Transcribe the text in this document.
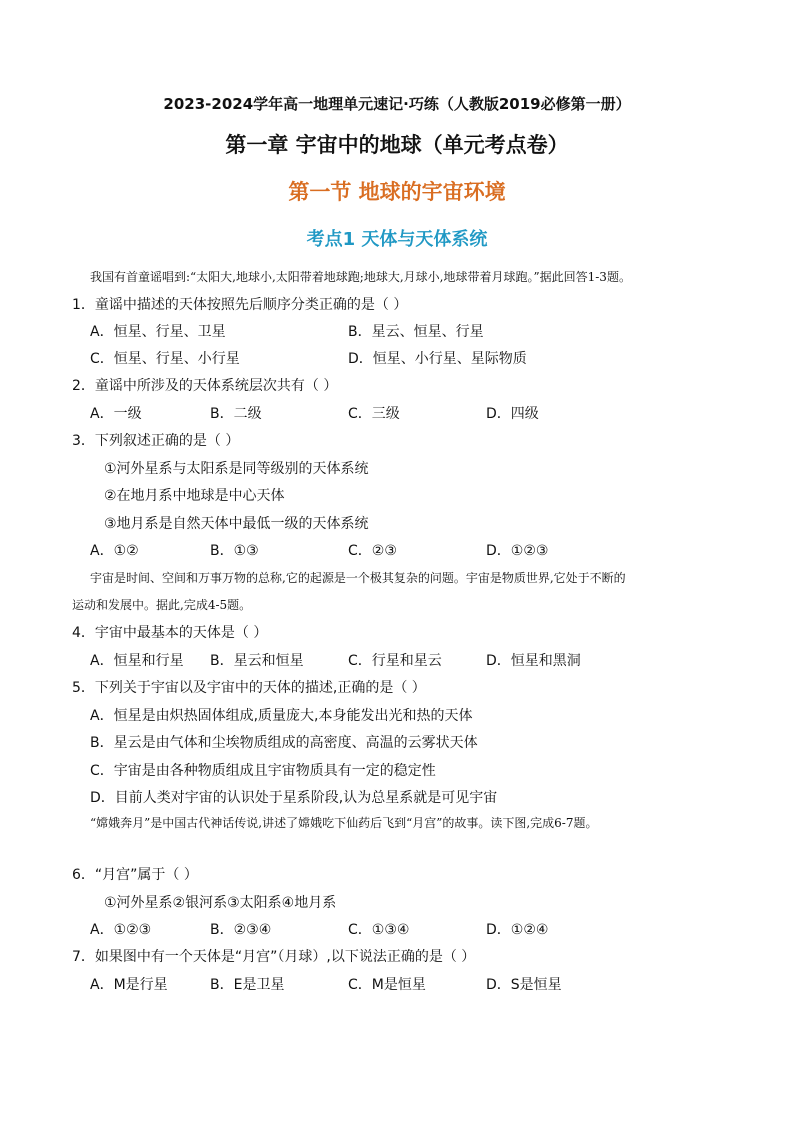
2023-2024学年高一地理单元速记·巧练（人教版2019必修第一册）
第一章 宇宙中的地球（单元考点卷）
第一节 地球的宇宙环境
考点1 天体与天体系统
我国有首童谣唱到:“太阳大,地球小,太阳带着地球跑;地球大,月球小,地球带着月球跑。”据此回答1-3题。
1．童谣中描述的天体按照先后顺序分类正确的是（ ）
A．恒星、行星、卫星	B．星云、恒星、行星
C．恒星、行星、小行星	D．恒星、小行星、星际物质
2．童谣中所涉及的天体系统层次共有（ ）
A．一级	B．二级	C．三级	D．四级
3．下列叙述正确的是（ ）
①河外星系与太阳系是同等级别的天体系统
②在地月系中地球是中心天体
③地月系是自然天体中最低一级的天体系统
A．①②	B．①③	C．②③	D．①②③
宇宙是时间、空间和万事万物的总称,它的起源是一个极其复杂的问题。宇宙是物质世界,它处于不断的
运动和发展中。据此,完成4-5题。
4．宇宙中最基本的天体是（ ）
A．恒星和行星 B．星云和恒星	C．行星和星云	D．恒星和黑洞
5．下列关于宇宙以及宇宙中的天体的描述,正确的是（ ）
A．恒星是由炽热固体组成,质量庞大,本身能发出光和热的天体
B．星云是由气体和尘埃物质组成的高密度、高温的云雾状天体
C．宇宙是由各种物质组成且宇宙物质具有一定的稳定性
D．目前人类对宇宙的认识处于星系阶段,认为总星系就是可见宇宙
“嫦娥奔月”是中国古代神话传说,讲述了嫦娥吃下仙药后飞到“月宫”的故事。读下图,完成6-7题。
6．“月宫”属于（ ）
①河外星系②银河系③太阳系④地月系
A．①②③	B．②③④	C．①③④	D．①②④
7．如果图中有一个天体是“月宫”（月球）,以下说法正确的是（ ）
A．M是行星	B．E是卫星	C．M是恒星	D．S是恒星
